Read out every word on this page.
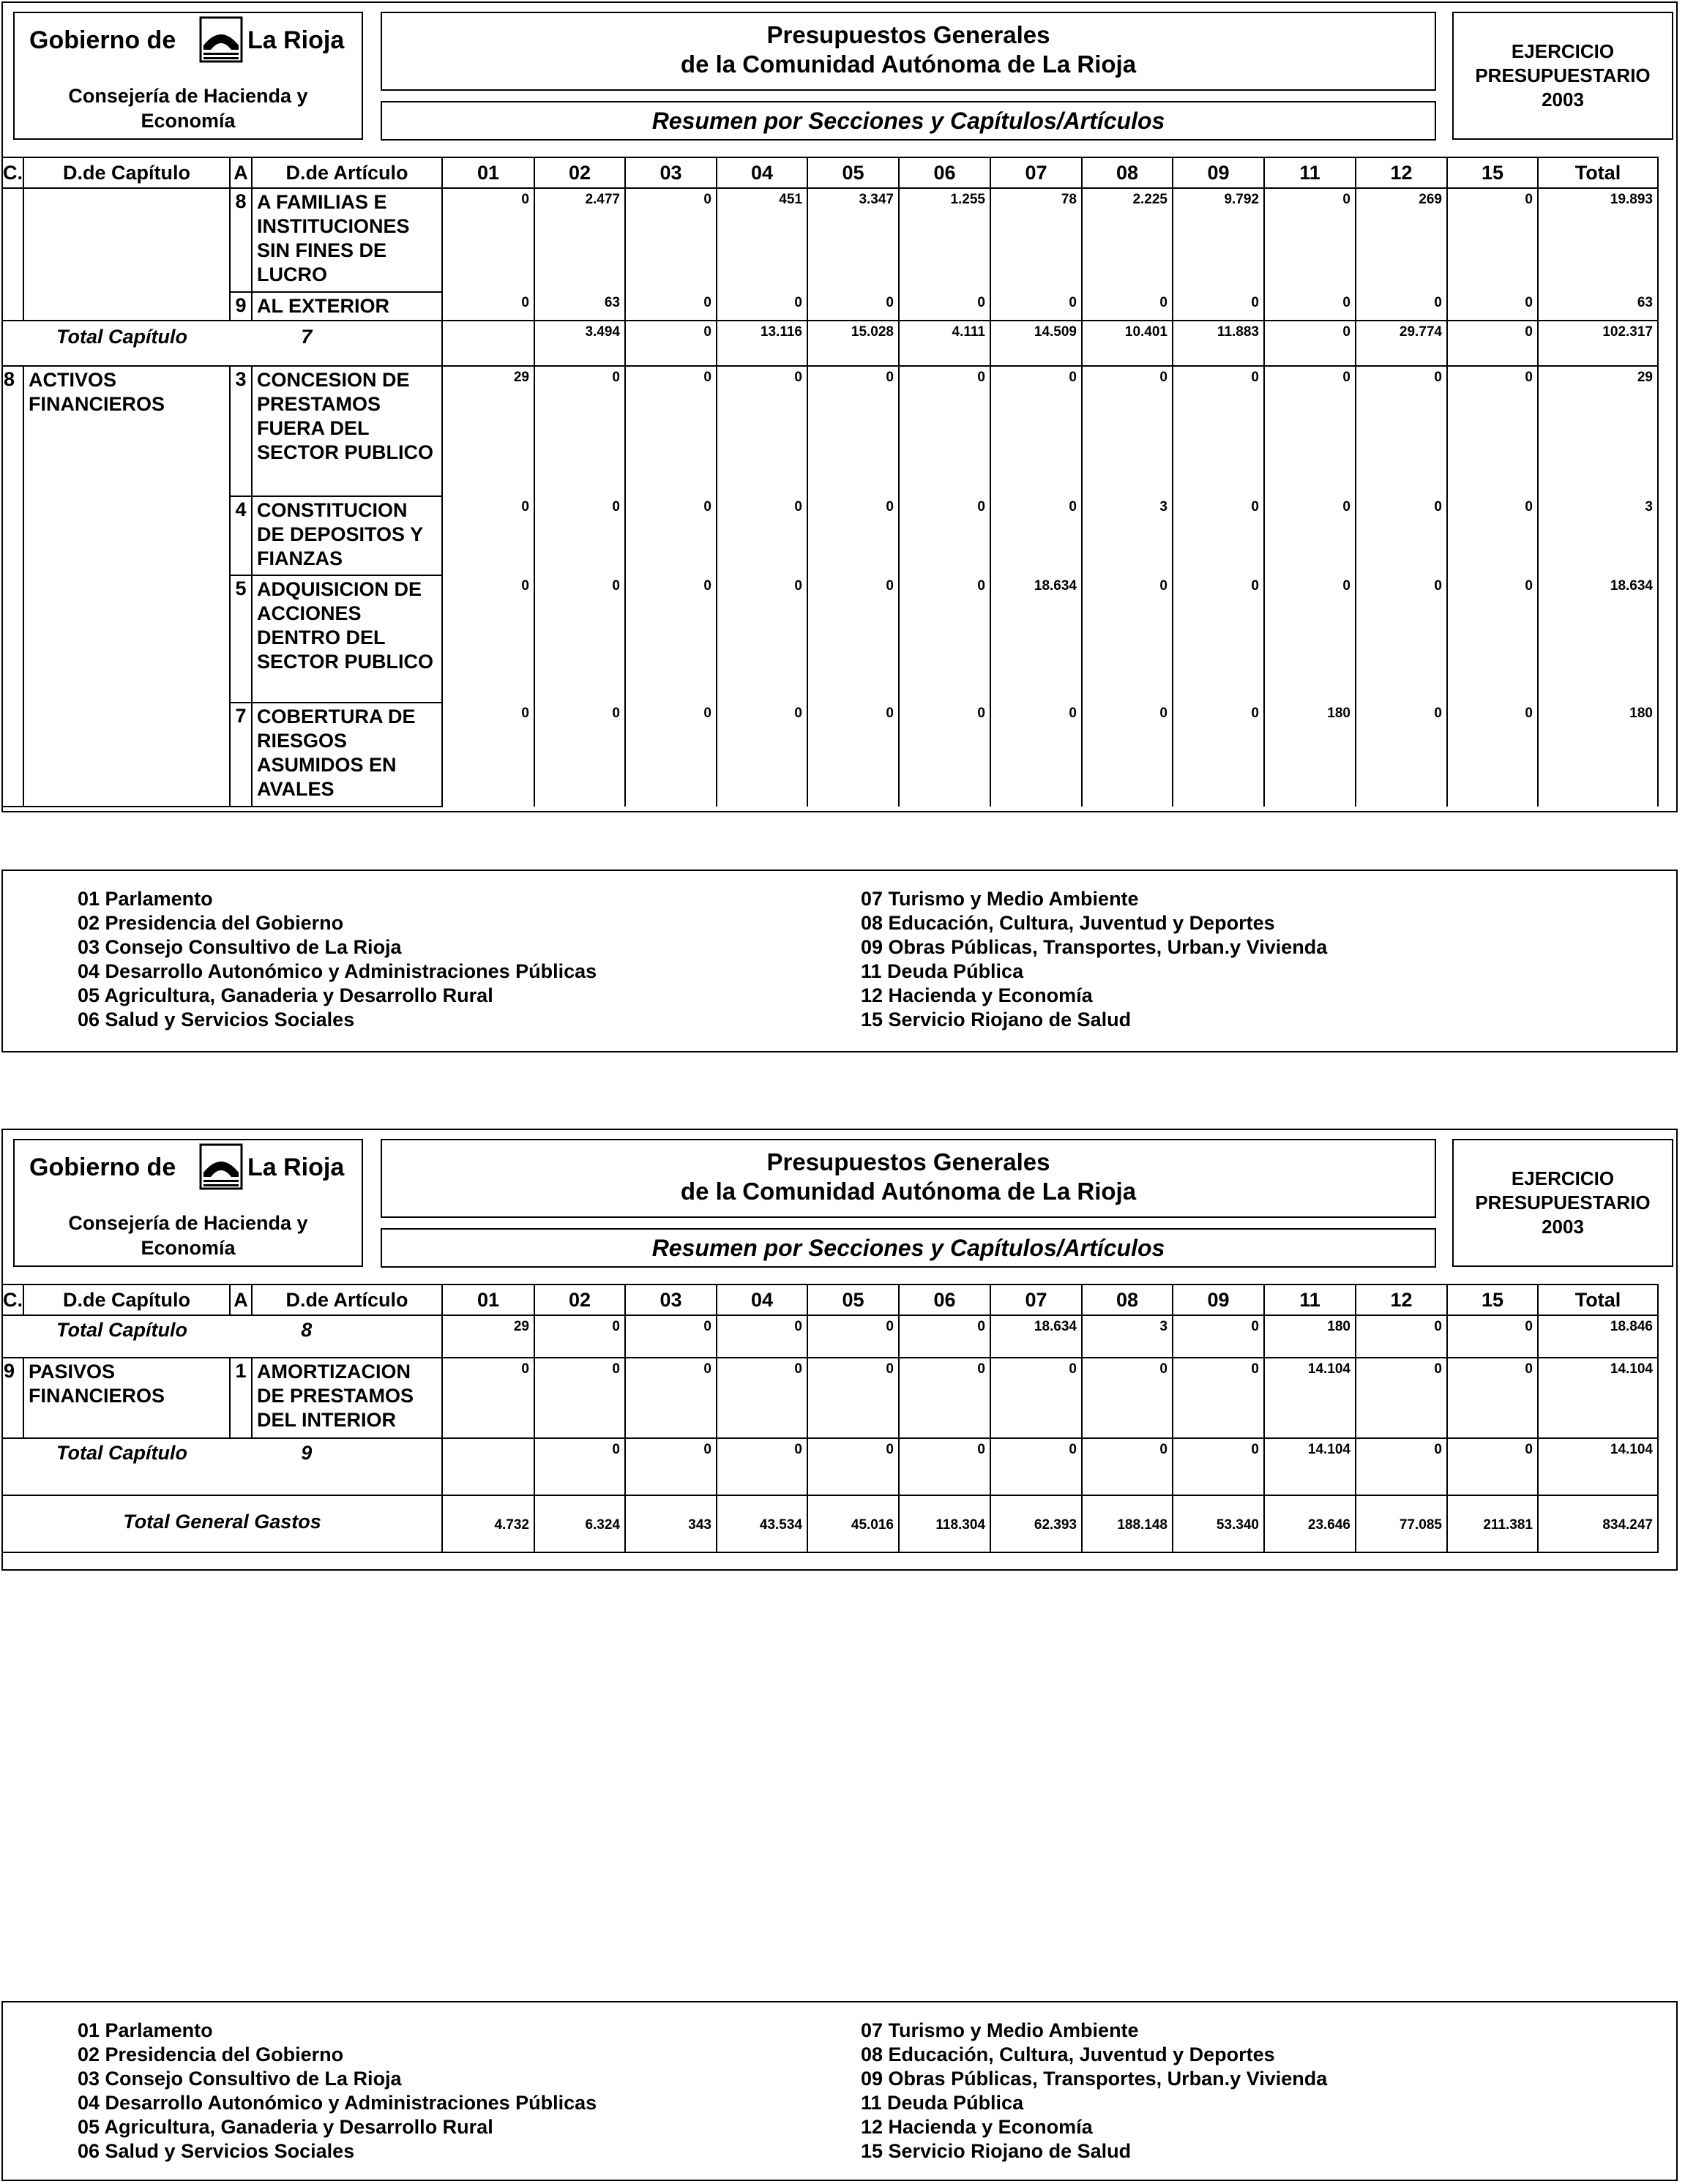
Gobierno de	La Rioja
Consejería de Hacienda y
Economía
Presupuestos Generales
de la Comunidad Autónoma de La Rioja
Resumen por Secciones y Capítulos/Artículos
EJERCICIO
PRESUPUESTARIO
2003
C.	D.de Capítulo	A	D.de Artículo	01	02	03	04	05	06	07	08	09	11	12	15	Total
		8	A FAMILIAS E INSTITUCIONES SIN FINES DE LUCRO	0	2.477	0	451	3.347	1.255	78	2.225	9.792	0	269	0	19.893
		9	AL EXTERIOR	0	63	0	0	0	0	0	0	0	0	0	0	63
Total Capítulo 7					3.494	0	13.116	15.028	4.111	14.509	10.401	11.883	0	29.774	0	102.317
8	ACTIVOS FINANCIEROS	3	CONCESION DE PRESTAMOS FUERA DEL SECTOR PUBLICO	29	0	0	0	0	0	0	0	0	0	0	0	29
		4	CONSTITUCION DE DEPOSITOS Y FIANZAS	0	0	0	0	0	0	0	3	0	0	0	0	3
		5	ADQUISICION DE ACCIONES DENTRO DEL SECTOR PUBLICO	0	0	0	0	0	0	18.634	0	0	0	0	0	18.634
		7	COBERTURA DE RIESGOS ASUMIDOS EN AVALES	0	0	0	0	0	0	0	0	0	180	0	0	180
01 Parlamento
02 Presidencia del Gobierno
03 Consejo Consultivo de La Rioja
04 Desarrollo Autonómico y Administraciones Públicas
05 Agricultura, Ganaderia y Desarrollo Rural
06 Salud y Servicios Sociales
07 Turismo y Medio Ambiente
08 Educación, Cultura, Juventud y Deportes
09 Obras Públicas, Transportes, Urban.y Vivienda
11 Deuda Pública
12 Hacienda y Economía
15 Servicio Riojano de Salud
Gobierno de	La Rioja
Consejería de Hacienda y
Economía
Presupuestos Generales
de la Comunidad Autónoma de La Rioja
Resumen por Secciones y Capítulos/Artículos
EJERCICIO
PRESUPUESTARIO
2003
C.	D.de Capítulo	A	D.de Artículo	01	02	03	04	05	06	07	08	09	11	12	15	Total
Total Capítulo 8				29	0	0	0	0	0	18.634	3	0	180	0	0	18.846
9	PASIVOS FINANCIEROS	1	AMORTIZACION DE PRESTAMOS DEL INTERIOR	0	0	0	0	0	0	0	0	0	14.104	0	0	14.104
Total Capítulo 9					0	0	0	0	0	0	0	0	14.104	0	0	14.104
Total General Gastos				4.732	6.324	343	43.534	45.016	118.304	62.393	188.148	53.340	23.646	77.085	211.381	834.247
01 Parlamento
02 Presidencia del Gobierno
03 Consejo Consultivo de La Rioja
04 Desarrollo Autonómico y Administraciones Públicas
05 Agricultura, Ganaderia y Desarrollo Rural
06 Salud y Servicios Sociales
07 Turismo y Medio Ambiente
08 Educación, Cultura, Juventud y Deportes
09 Obras Públicas, Transportes, Urban.y Vivienda
11 Deuda Pública
12 Hacienda y Economía
15 Servicio Riojano de Salud
